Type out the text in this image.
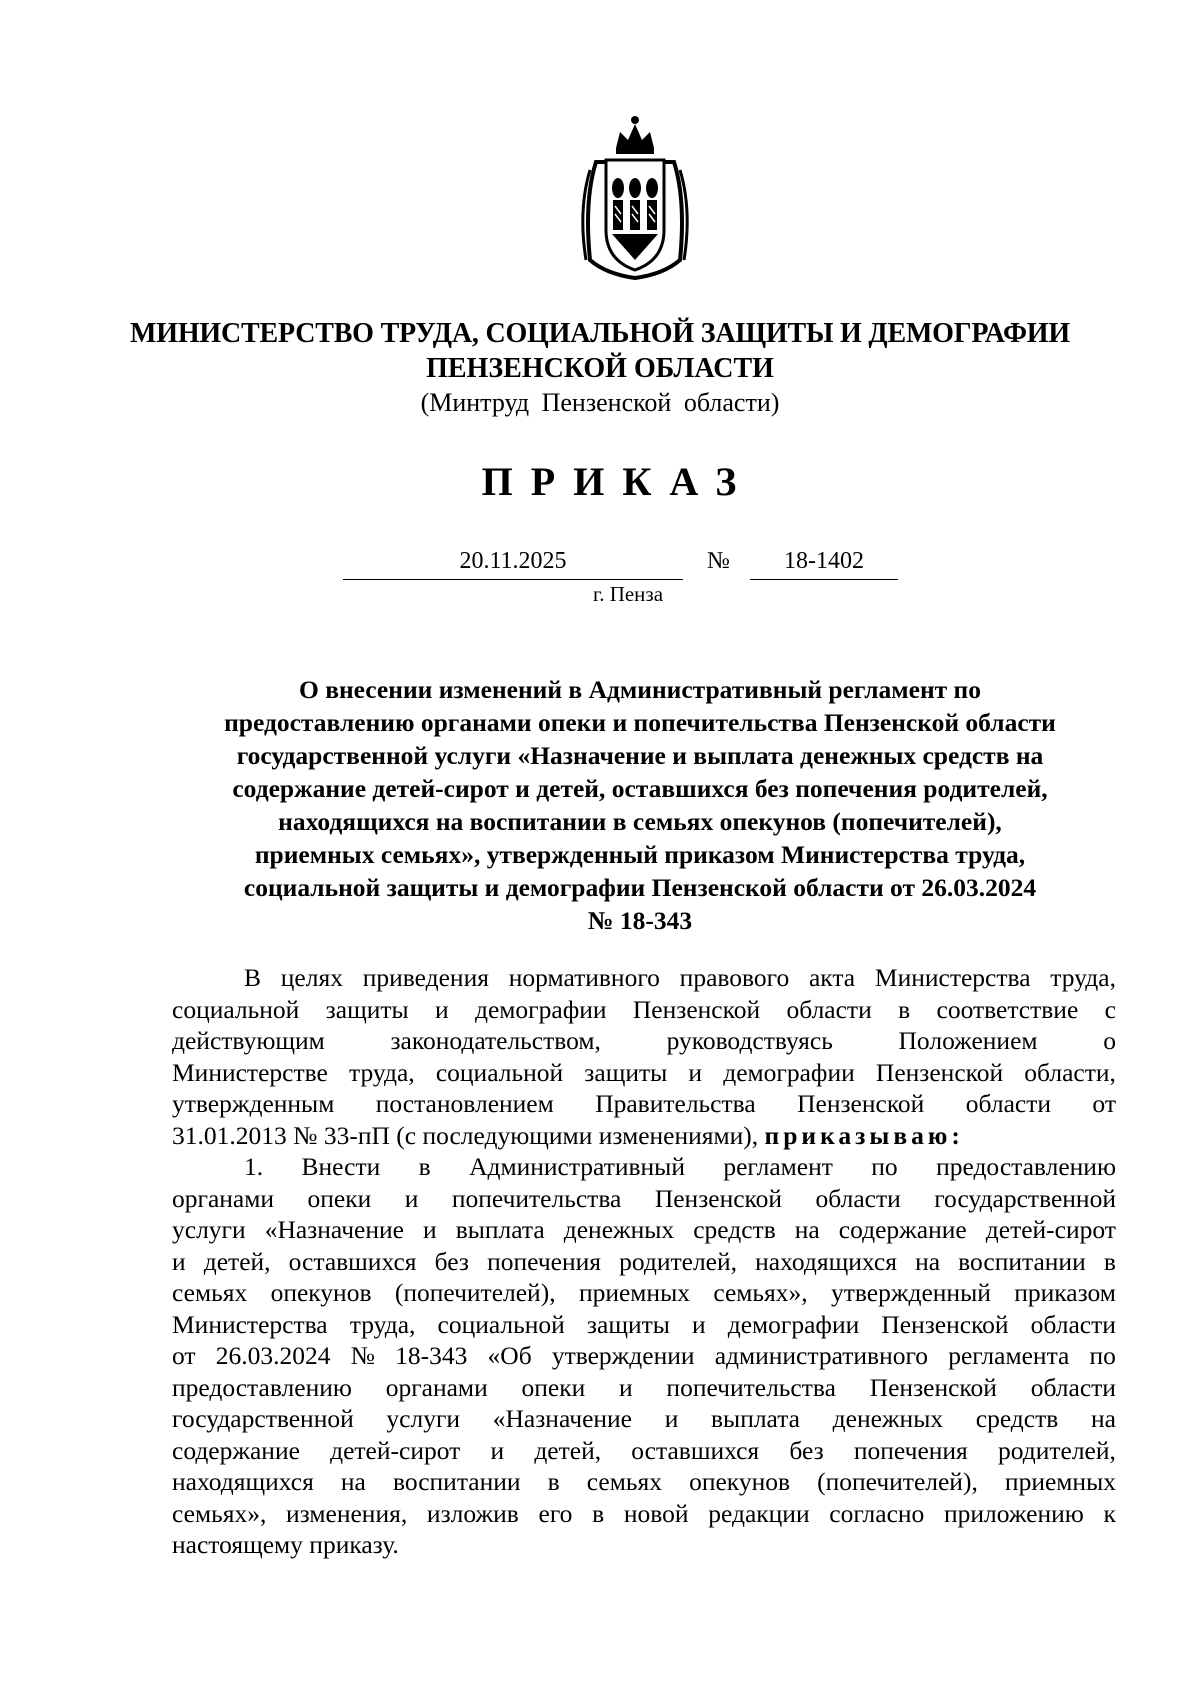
МИНИСТЕРСТВО ТРУДА, СОЦИАЛЬНОЙ ЗАЩИТЫ И ДЕМОГРАФИИ
ПЕНЗЕНСКОЙ ОБЛАСТИ
(Минтруд Пензенской области)
ПРИКАЗ
20.11.2025	№	18-1402
г. Пенза
О внесении изменений в Административный регламент по
предоставлению органами опеки и попечительства Пензенской области
государственной услуги «Назначение и выплата денежных средств на
содержание детей-сирот и детей, оставшихся без попечения родителей,
находящихся на воспитании в семьях опекунов (попечителей),
приемных семьях», утвержденный приказом Министерства труда,
социальной защиты и демографии Пензенской области от 26.03.2024
№ 18-343
В целях приведения нормативного правового акта Министерства труда,
социальной защиты и демографии Пензенской области в соответствие с
действующим	законодательством,	руководствуясь	Положением	о
Министерстве труда, социальной защиты и демографии Пензенской области,
утвержденным постановлением Правительства Пензенской области от
31.01.2013 № 33-пП (с последующими изменениями),
приказываю:
1. Внести в Административный регламент по предоставлению
органами опеки и попечительства Пензенской области государственной
услуги «Назначение и выплата денежных средств на содержание детей-сирот
и детей, оставшихся без попечения родителей, находящихся на воспитании в
семьях опекунов (попечителей), приемных семьях», утвержденный приказом
Министерства труда, социальной защиты и демографии Пензенской области
от 26.03.2024 № 18-343 «Об утверждении административного регламента по
предоставлению органами опеки и попечительства Пензенской области
государственной услуги «Назначение и выплата денежных средств на
содержание детей-сирот и детей, оставшихся без попечения родителей,
находящихся на воспитании в семьях опекунов (попечителей), приемных
семьях», изменения, изложив его в новой редакции согласно приложению к
настоящему приказу.
